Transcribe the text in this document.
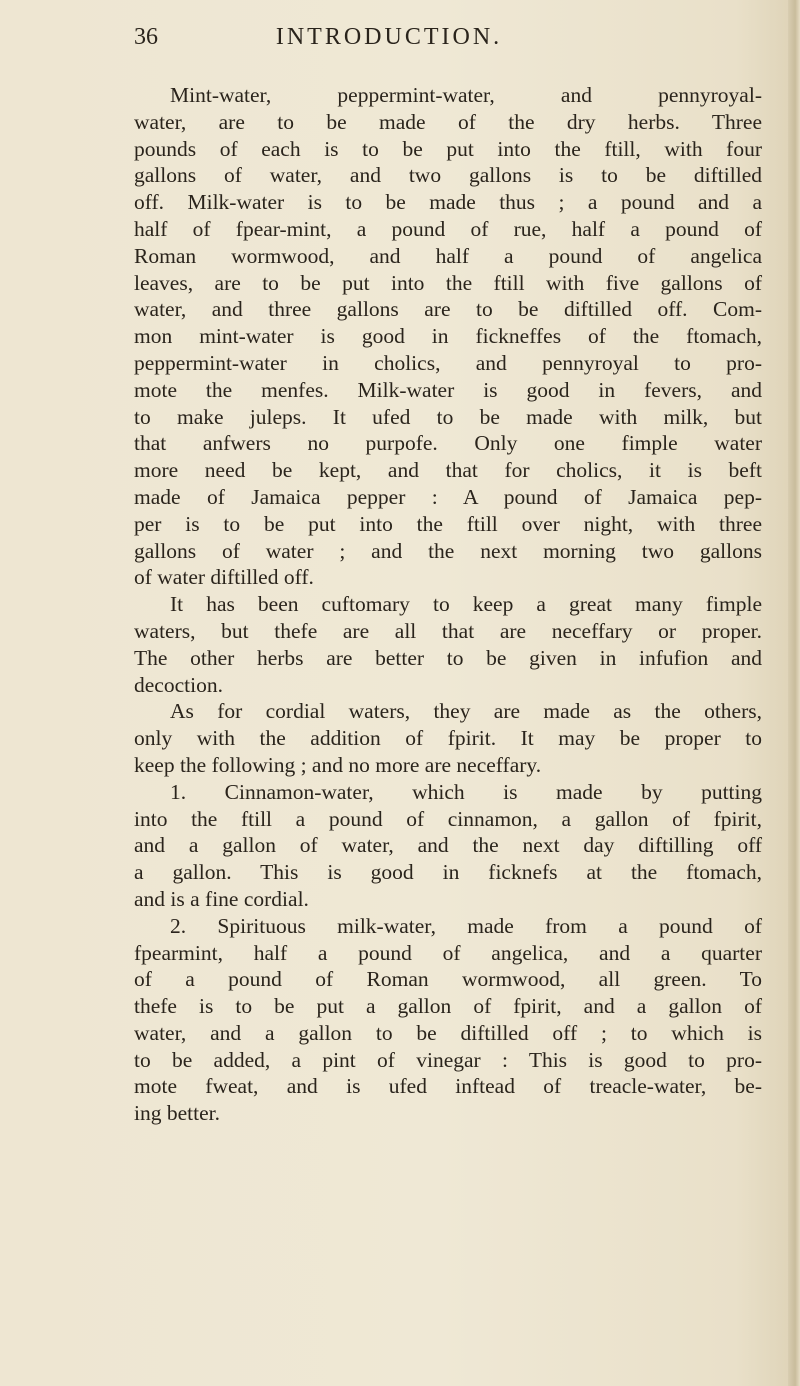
36	INTRODUCTION.
Mint-water, peppermint-water, and pennyroyal-
water, are to be made of the dry herbs. Three
pounds of each is to be put into the ftill, with four
gallons of water, and two gallons is to be diftilled
off. Milk-water is to be made thus ; a pound and a
half of fpear-mint, a pound of rue, half a pound of
Roman wormwood, and half a pound of angelica
leaves, are to be put into the ftill with five gallons of
water, and three gallons are to be diftilled off. Com-
mon mint-water is good in fickneffes of the ftomach,
peppermint-water in cholics, and pennyroyal to pro-
mote the menfes. Milk-water is good in fevers, and
to make juleps. It ufed to be made with milk, but
that anfwers no purpofe. Only one fimple water
more need be kept, and that for cholics, it is beft
made of Jamaica pepper : A pound of Jamaica pep-
per is to be put into the ftill over night, with three
gallons of water ; and the next morning two gallons
of water diftilled off.
It has been cuftomary to keep a great many fimple
waters, but thefe are all that are neceffary or proper.
The other herbs are better to be given in infufion and
decoction.
As for cordial waters, they are made as the others,
only with the addition of fpirit. It may be proper to
keep the following ; and no more are neceffary.
1. Cinnamon-water, which is made by putting
into the ftill a pound of cinnamon, a gallon of fpirit,
and a gallon of water, and the next day diftilling off
a gallon. This is good in ficknefs at the ftomach,
and is a fine cordial.
2. Spirituous milk-water, made from a pound of
fpearmint, half a pound of angelica, and a quarter
of a pound of Roman wormwood, all green. To
thefe is to be put a gallon of fpirit, and a gallon of
water, and a gallon to be diftilled off ; to which is
to be added, a pint of vinegar : This is good to pro-
mote fweat, and is ufed inftead of treacle-water, be-
ing better.
